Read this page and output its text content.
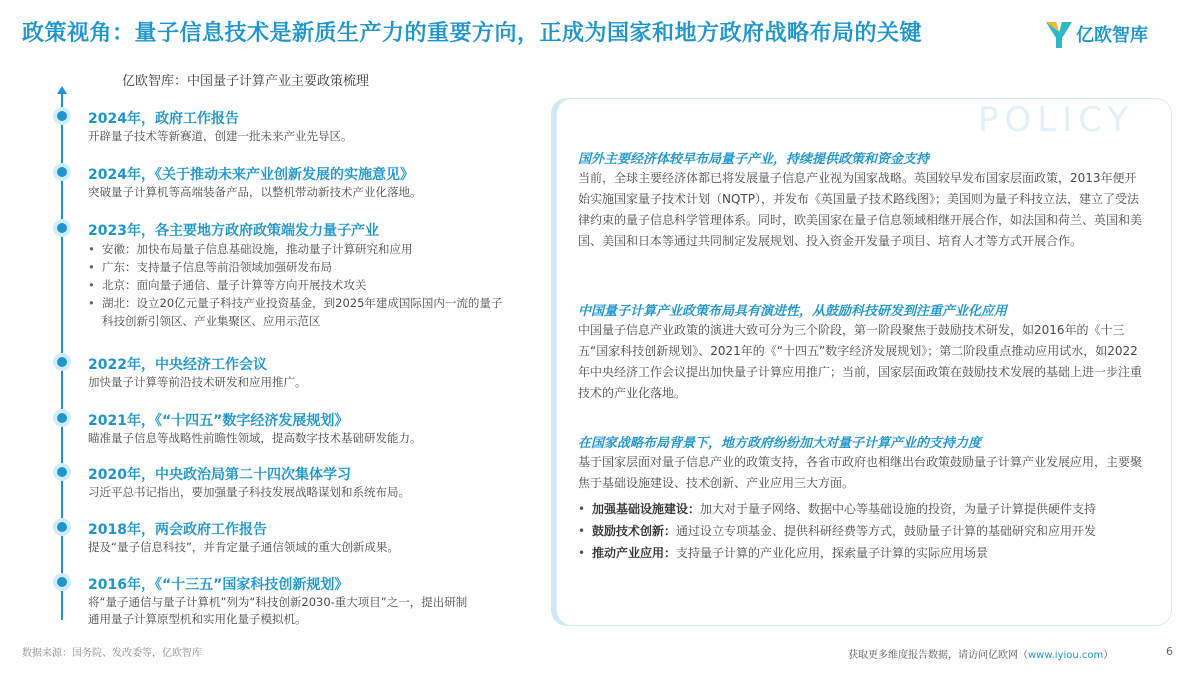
政策视角：量子信息技术是新质生产力的重要方向，正成为国家和地方政府战略布局的关键	亿欧智库
亿欧智库：中国量子计算产业主要政策梳理
2024年，政府工作报告
开辟量子技术等新赛道，创建一批未来产业先导区。
2024年，《关于推动未来产业创新发展的实施意见》
突破量子计算机等高端装备产品，以整机带动新技术产业化落地。
2023年，各主要地方政府政策端发力量子产业
• 安徽：加快布局量子信息基础设施，推动量子计算研究和应用
• 广东：支持量子信息等前沿领域加强研发布局
• 北京：面向量子通信、量子计算等方向开展技术攻关
• 湖北：设立20亿元量子科技产业投资基金，到2025年建成国际国内一流的量子科技创新引领区、产业集聚区、应用示范区
2022年，中央经济工作会议
加快量子计算等前沿技术研发和应用推广。
2021年，《“十四五”数字经济发展规划》
瞄准量子信息等战略性前瞻性领域，提高数字技术基础研发能力。
2020年，中央政治局第二十四次集体学习
习近平总书记指出，要加强量子科技发展战略谋划和系统布局。
2018年，两会政府工作报告
提及“量子信息科技”，并肯定量子通信领域的重大创新成果。
2016年，《“十三五”国家科技创新规划》
将“量子通信与量子计算机”列为“科技创新2030-重大项目”之一，提出研制通用量子计算原型机和实用化量子模拟机。
POLICY
国外主要经济体较早布局量子产业，持续提供政策和资金支持
当前，全球主要经济体都已将发展量子信息产业视为国家战略。英国较早发布国家层面政策，2013年便开始实施国家量子技术计划（NQTP），并发布《英国量子技术路线图》；美国则为量子科技立法，建立了受法律约束的量子信息科学管理体系。同时，欧美国家在量子信息领域相继开展合作，如法国和荷兰、英国和美国、美国和日本等通过共同制定发展规划、投入资金开发量子项目、培育人才等方式开展合作。
中国量子计算产业政策布局具有演进性，从鼓励科技研发到注重产业化应用
中国量子信息产业政策的演进大致可分为三个阶段，第一阶段聚焦于鼓励技术研发，如2016年的《十三五“国家科技创新规划》、2021年的《“十四五”数字经济发展规划》；第二阶段重点推动应用试水，如2022年中央经济工作会议提出加快量子计算应用推广；当前，国家层面政策在鼓励技术发展的基础上进一步注重技术的产业化落地。
在国家战略布局背景下，地方政府纷纷加大对量子计算产业的支持力度
基于国家层面对量子信息产业的政策支持，各省市政府也相继出台政策鼓励量子计算产业发展应用，主要聚焦于基础设施建设、技术创新、产业应用三大方面。
• 加强基础设施建设：加大对于量子网络、数据中心等基础设施的投资，为量子计算提供硬件支持
• 鼓励技术创新：通过设立专项基金、提供科研经费等方式，鼓励量子计算的基础研究和应用开发
• 推动产业应用：支持量子计算的产业化应用，探索量子计算的实际应用场景
数据来源：国务院、发改委等，亿欧智库	获取更多维度报告数据，请访问亿欧网（www.iyiou.com）	6
